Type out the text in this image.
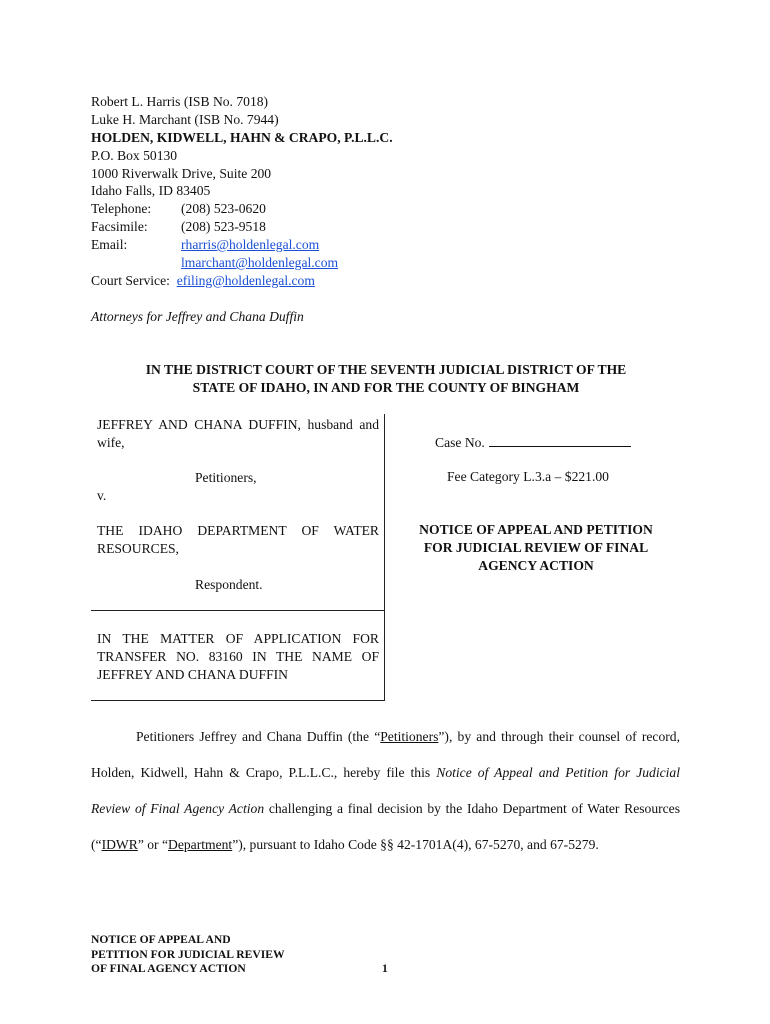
Robert L. Harris (ISB No. 7018)
Luke H. Marchant (ISB No. 7944)
HOLDEN, KIDWELL, HAHN & CRAPO, P.L.L.C.
P.O. Box 50130
1000 Riverwalk Drive, Suite 200
Idaho Falls, ID 83405
Telephone: (208) 523-0620
Facsimile: (208) 523-9518
Email:	rharris@holdenlegal.com
lmarchant@holdenlegal.com
Court Service: efiling@holdenlegal.com
Attorneys for Jeffrey and Chana Duffin
IN THE DISTRICT COURT OF THE SEVENTH JUDICIAL DISTRICT OF THE
STATE OF IDAHO, IN AND FOR THE COUNTY OF BINGHAM
JEFFREY AND CHANA DUFFIN, husband and wife,
Petitioners,
v.
THE IDAHO DEPARTMENT OF WATER RESOURCES,
Respondent.
IN THE MATTER OF APPLICATION FOR TRANSFER NO. 83160 IN THE NAME OF JEFFREY AND CHANA DUFFIN
Case No.
Fee Category L.3.a – $221.00
NOTICE OF APPEAL AND PETITION
FOR JUDICIAL REVIEW OF FINAL
AGENCY ACTION
Petitioners Jeffrey and Chana Duffin (the “Petitioners”), by and through their counsel of record, Holden, Kidwell, Hahn & Crapo, P.L.L.C., hereby file this Notice of Appeal and Petition for Judicial Review of Final Agency Action challenging a final decision by the Idaho Department of Water Resources (“IDWR” or “Department”), pursuant to Idaho Code §§ 42-1701A(4), 67-5270, and 67-5279.
NOTICE OF APPEAL AND
PETITION FOR JUDICIAL REVIEW
OF FINAL AGENCY ACTION	1
